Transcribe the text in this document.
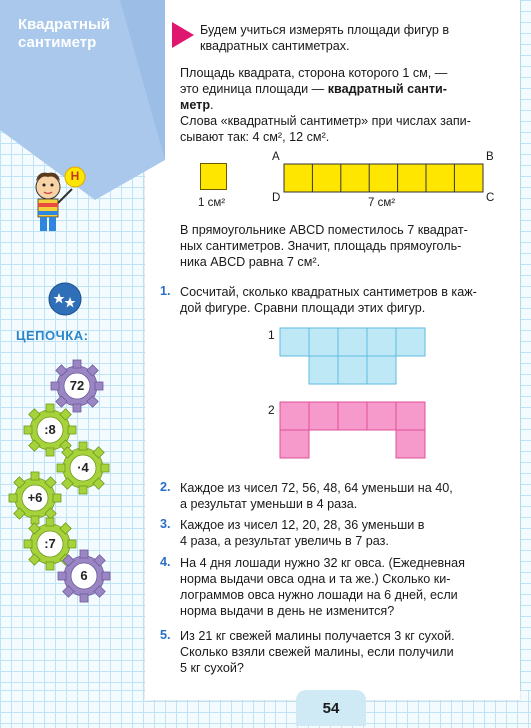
Квадратный
сантиметр
Будем учиться измерять площади фигур в
квадратных сантиметрах.
Площадь квадрата, сторона которого 1 см, —
это единица площади — квадратный санти-
метр.
Слова «квадратный сантиметр» при числах запи-
сывают так: 4 см², 12 см².
1 см²
A	B
C
D	7 см²
В прямоугольнике ABCD поместилось 7 квадрат-
ных сантиметров. Значит, площадь прямоуголь-
ника ABCD равна 7 см².
1. Сосчитай, сколько квадратных сантиметров в каж-
дой фигуре. Сравни площади этих фигур.
1
2
2. Каждое из чисел 72, 56, 48, 64 уменьши на 40,
а результат уменьши в 4 раза.
3. Каждое из чисел 12, 20, 28, 36 уменьши в
4 раза, а результат увеличь в 7 раз.
4. На 4 дня лошади нужно 32 кг овса. (Ежедневная
норма выдачи овса одна и та же.) Сколько ки-
лограммов овса нужно лошади на 6 дней, если
норма выдачи в день не изменится?
5. Из 21 кг свежей малины получается 3 кг сухой.
Сколько взяли свежей малины, если получили
5 кг сухой?
Н
ЦЕПОЧКА:
72
:8
·4
+6
:7
6
54
